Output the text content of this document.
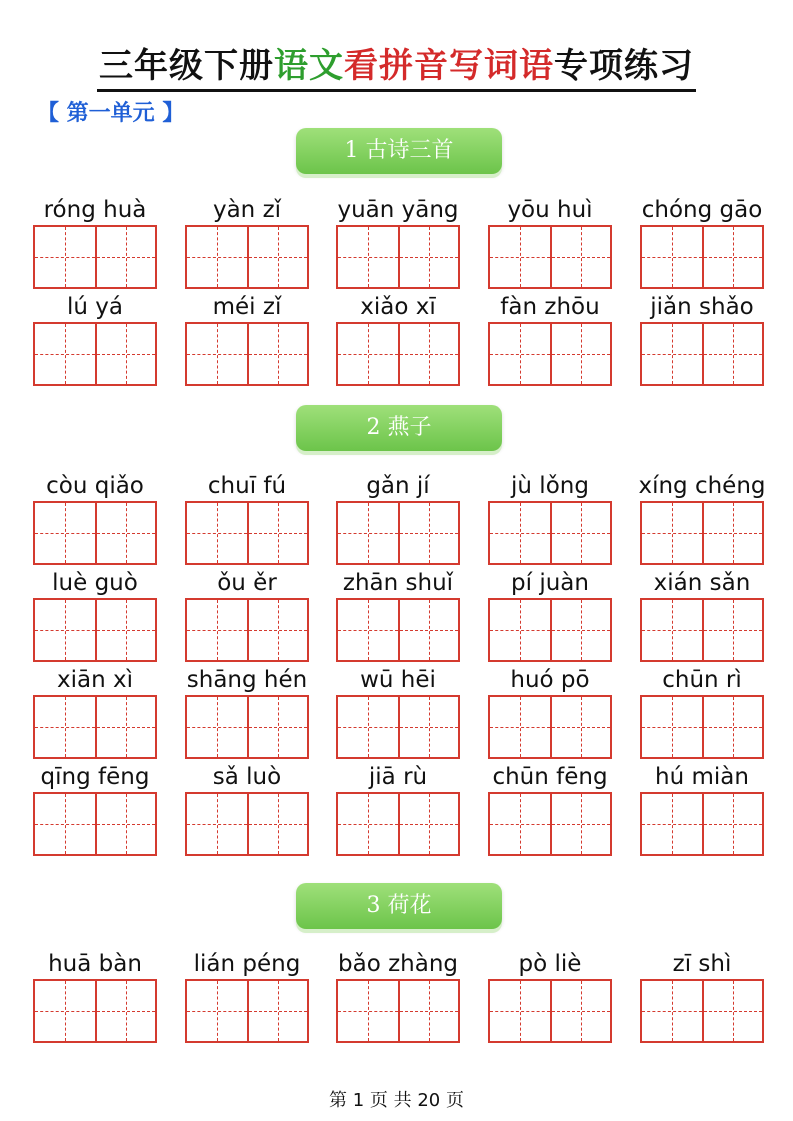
三年级下册语文看拼音写词语专项练习
【 第一单元 】
1 古诗三首
róng huà	yàn zǐ	yuān yāng	yōu huì	chóng gāo
lú yá	méi zǐ	xiǎo xī	fàn zhōu	jiǎn shǎo
2 燕子
còu qiǎo	chuī fú	gǎn jí	jù lǒng	xíng chéng
luè guò	ǒu ěr	zhān shuǐ	pí juàn	xián sǎn
xiān xì	shāng hén	wū hēi	huó pō	chūn rì
qīng fēng	sǎ luò	jiā rù	chūn fēng	hú miàn
3 荷花
huā bàn	lián péng	bǎo zhàng	pò liè	zī shì
第 1 页 共 20 页
